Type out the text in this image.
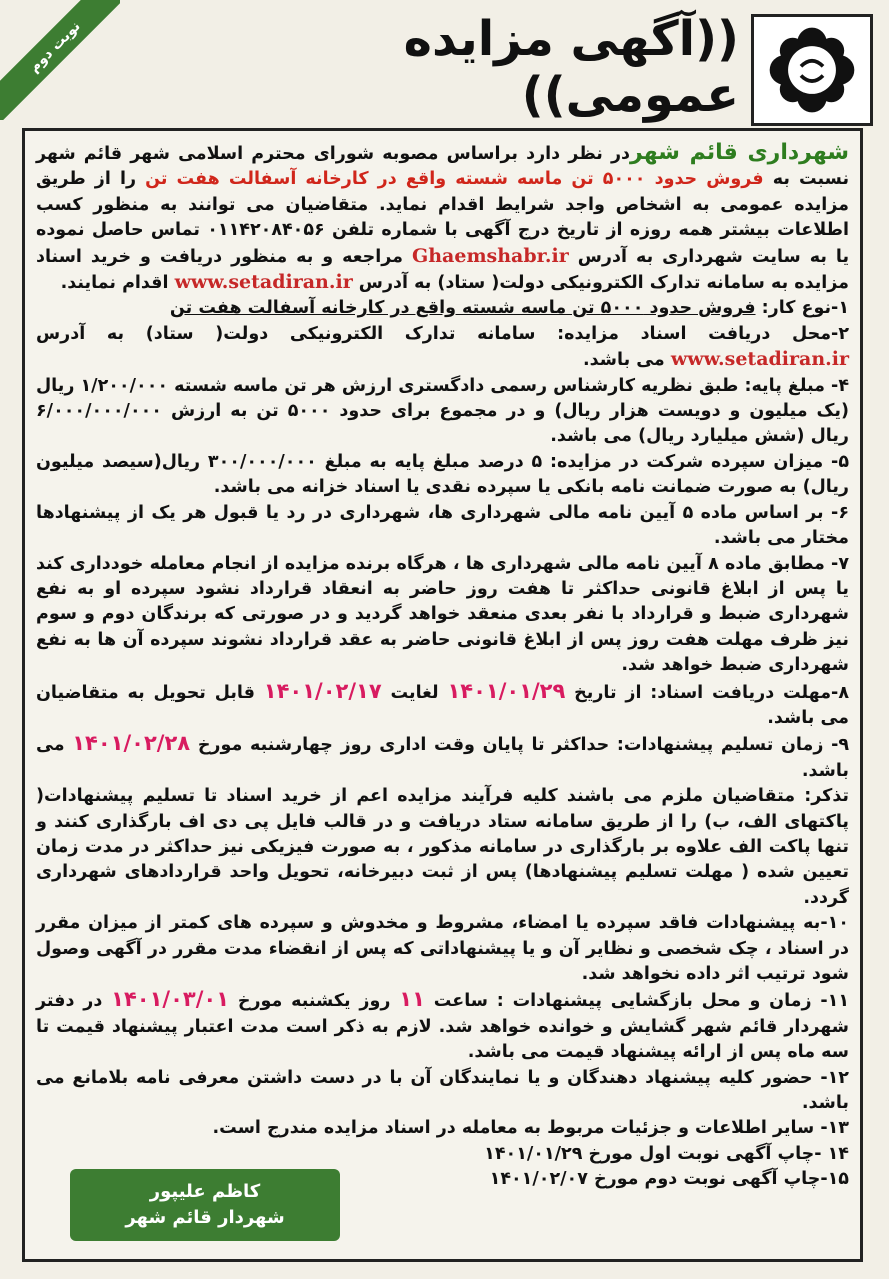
نوبت دوم	((آگهی مزایده عمومی))

شهرداری قائم شهردر نظر دارد براساس مصوبه شورای محترم اسلامی شهر قائم شهر نسبت به فروش حدود ۵۰۰۰ تن ماسه شسته واقع در کارخانه آسفالت هفت تن را از طریق مزایده عمومی به اشخاص واجد شرایط اقدام نماید. متقاضیان می توانند به منظور کسب اطلاعات بیشتر همه روزه از تاریخ درج آگهی با شماره تلفن ۰۱۱۴۲۰۸۴۰۵۶ تماس حاصل نموده یا به سایت شهرداری به آدرس Ghaemshabr.ir مراجعه و به منظور دریافت و خرید اسناد مزایده به سامانه تدارک الکترونیکی دولت( ستاد) به آدرس www.setadiran.ir اقدام نمایند.

۱-نوع کار: فروش حدود ۵۰۰۰ تن ماسه شسته واقع در کارخانه آسفالت هفت تن

۲-محل دریافت اسناد مزایده: سامانه تدارک الکترونیکی دولت( ستاد) به آدرس www.setadiran.ir می باشد.

۴- مبلغ پایه: طبق نظریه کارشناس رسمی دادگستری ارزش هر تن ماسه شسته ۱/۲۰۰/۰۰۰ ریال (یک میلیون و دویست هزار ریال) و در مجموع برای حدود ۵۰۰۰ تن به ارزش ۶/۰۰۰/۰۰۰/۰۰۰ ریال (شش میلیارد ریال) می باشد.

۵- میزان سپرده شرکت در مزایده: ۵ درصد مبلغ پایه به مبلغ ۳۰۰/۰۰۰/۰۰۰ ریال(سیصد میلیون ریال) به صورت ضمانت نامه بانکی یا سپرده نقدی یا اسناد خزانه می باشد.

۶- بر اساس ماده ۵ آیین نامه مالی شهرداری ها، شهرداری در رد یا قبول هر یک از پیشنهادها مختار می باشد.

۷- مطابق ماده ۸ آیین نامه مالی شهرداری ها ، هرگاه برنده مزایده از انجام معامله خودداری کند یا پس از ابلاغ قانونی حداکثر تا هفت روز حاضر به انعقاد قرارداد نشود سپرده او به نفع شهرداری ضبط و قرارداد با نفر بعدی منعقد خواهد گردید و در صورتی که برندگان دوم و سوم نیز ظرف مهلت هفت روز پس از ابلاغ قانونی حاضر به عقد قرارداد نشوند سپرده آن ها به نفع شهرداری ضبط خواهد شد.

۸-مهلت دریافت اسناد: از تاریخ ۱۴۰۱/۰۱/۲۹ لغایت ۱۴۰۱/۰۲/۱۷ قابل تحویل به متقاضیان می باشد.

۹- زمان تسلیم پیشنهادات: حداکثر تا پایان وقت اداری روز چهارشنبه مورخ ۱۴۰۱/۰۲/۲۸ می باشد.

تذکر: متقاضیان ملزم می باشند کلیه فرآیند مزایده اعم از خرید اسناد تا تسلیم پیشنهادات( پاکتهای الف، ب) را از طریق سامانه ستاد دریافت و در قالب فایل پی دی اف بارگذاری کنند و تنها پاکت الف علاوه بر بارگذاری در سامانه مذکور ، به صورت فیزیکی نیز حداکثر در مدت زمان تعیین شده ( مهلت تسلیم پیشنهادها) پس از ثبت دبیرخانه، تحویل واحد قراردادهای شهرداری گردد.

۱۰-به پیشنهادات فاقد سپرده یا امضاء، مشروط و مخدوش و سپرده های کمتر از میزان مقرر در اسناد ، چک شخصی و نظایر آن و یا پیشنهاداتی که پس از انقضاء مدت مقرر در آگهی وصول شود ترتیب اثر داده نخواهد شد.

۱۱- زمان و محل بازگشایی پیشنهادات : ساعت ۱۱ روز یکشنبه مورخ ۱۴۰۱/۰۳/۰۱ در دفتر شهردار قائم شهر گشایش و خوانده خواهد شد. لازم به ذکر است مدت اعتبار پیشنهاد قیمت تا سه ماه پس از ارائه پیشنهاد قیمت می باشد.

۱۲- حضور کلیه پیشنهاد دهندگان و یا نمایندگان آن با در دست داشتن معرفی نامه بلامانع می باشد.

۱۳- سایر اطلاعات و جزئیات مربوط به معامله در اسناد مزایده مندرج است.

۱۴ -چاپ آگهی نوبت اول مورخ ۱۴۰۱/۰۱/۲۹

۱۵-چاپ آگهی نوبت دوم مورخ ۱۴۰۱/۰۲/۰۷

کاظم علیپور
شهردار قائم شهر
